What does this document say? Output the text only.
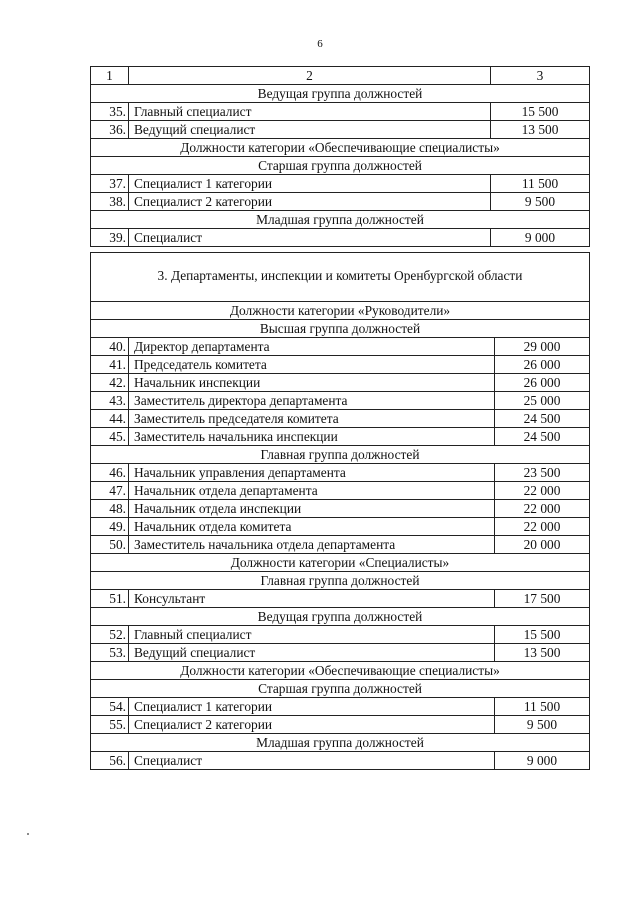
6
1	2	3
Ведущая группа должностей		
35.	Главный специалист	15 500
36.	Ведущий специалист	13 500
Должности категории «Обеспечивающие специалисты»		
Старшая группа должностей		
37.	Специалист 1 категории	11 500
38.	Специалист 2 категории	9 500
Младшая группа должностей		
39.	Специалист	9 000
3. Департаменты, инспекции и комитеты Оренбургской области		

Должности категории «Руководители»		
Высшая группа должностей		
40.	Директор департамента	29 000
41.	Председатель комитета	26 000
42.	Начальник инспекции	26 000
43.	Заместитель директора департамента	25 000
44.	Заместитель председателя комитета	24 500
45.	Заместитель начальника инспекции	24 500
Главная группа должностей		
46.	Начальник управления департамента	23 500
47.	Начальник отдела департамента	22 000
48.	Начальник отдела инспекции	22 000
49.	Начальник отдела комитета	22 000
50.	Заместитель начальника отдела департамента	20 000
Должности категории «Специалисты»		
Главная группа должностей		
51.	Консультант	17 500
Ведущая группа должностей		
52.	Главный специалист	15 500
53.	Ведущий специалист	13 500
Должности категории «Обеспечивающие специалисты»		
Старшая группа должностей		
54.	Специалист 1 категории	11 500
55.	Специалист 2 категории	9 500
Младшая группа должностей		
56.	Специалист	9 000
